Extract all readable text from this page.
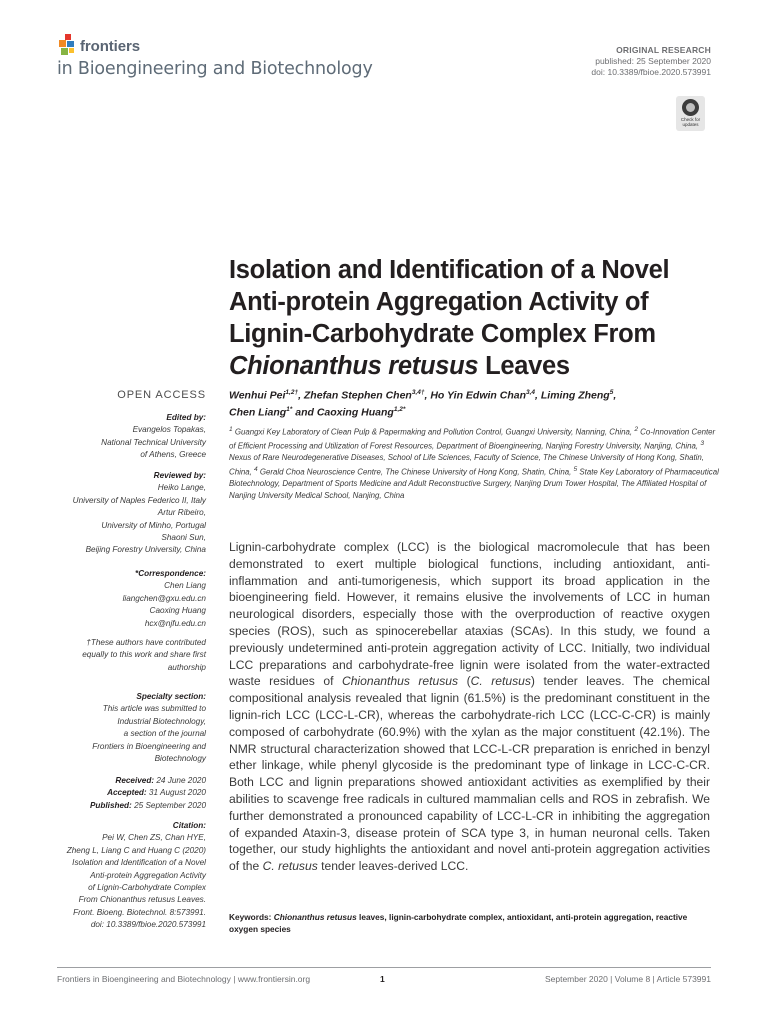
frontiers
in Bioengineering and Biotechnology
ORIGINAL RESEARCH
published: 25 September 2020
doi: 10.3389/fbioe.2020.573991
Check for updates
Isolation and Identification of a Novel
Anti-protein Aggregation Activity of
Lignin-Carbohydrate Complex From
Chionanthus retusus Leaves
OPEN ACCESS
Edited by:
Evangelos Topakas,
National Technical University
of Athens, Greece
Reviewed by:
Heiko Lange,
University of Naples Federico II, Italy
Artur Ribeiro,
University of Minho, Portugal
Shaoni Sun,
Beijing Forestry University, China
*Correspondence:
Chen Liang
liangchen@gxu.edu.cn
Caoxing Huang
hcx@njfu.edu.cn
†These authors have contributed
equally to this work and share first
authorship
Specialty section:
This article was submitted to
Industrial Biotechnology,
a section of the journal
Frontiers in Bioengineering and
Biotechnology
Received: 24 June 2020
Accepted: 31 August 2020
Published: 25 September 2020
Citation:
Pei W, Chen ZS, Chan HYE,
Zheng L, Liang C and Huang C (2020)
Isolation and Identification of a Novel
Anti-protein Aggregation Activity
of Lignin-Carbohydrate Complex
From Chionanthus retusus Leaves.
Front. Bioeng. Biotechnol. 8:573991.
doi: 10.3389/fbioe.2020.573991
Wenhui Pei$^{1,2\dagger}$, Zhefan Stephen Chen$^{3,4\dagger}$, Ho Yin Edwin Chan$^{3,4}$, Liming Zheng$^5$,
Chen Liang$^{1*}$ and Caoxing Huang$^{1,2*}$
$^1$ Guangxi Key Laboratory of Clean Pulp & Papermaking and Pollution Control, Guangxi University, Nanning, China, $^2$ Co-Innovation Center of Efficient Processing and Utilization of Forest Resources, Department of Bioengineering, Nanjing Forestry University, Nanjing, China, $^3$ Nexus of Rare Neurodegenerative Diseases, School of Life Sciences, Faculty of Science, The Chinese University of Hong Kong, Shatin, China, $^4$ Gerald Choa Neuroscience Centre, The Chinese University of Hong Kong, Shatin, China, $^5$ State Key Laboratory of Pharmaceutical Biotechnology, Department of Sports Medicine and Adult Reconstructive Surgery, Nanjing Drum Tower Hospital, The Affiliated Hospital of Nanjing University Medical School, Nanjing, China

Lignin-carbohydrate complex (LCC) is the biological macromolecule that has been demonstrated to exert multiple biological functions, including antioxidant, anti-inflammation and anti-tumorigenesis, which support its broad application in the bioengineering field. However, it remains elusive the involvements of LCC in human neurological disorders, especially those with the overproduction of reactive oxygen species (ROS), such as spinocerebellar ataxias (SCAs). In this study, we found a previously undetermined anti-protein aggregation activity of LCC. Initially, two individual LCC preparations and carbohydrate-free lignin were isolated from the water-extracted waste residues of Chionanthus retusus (C. retusus) tender leaves. The chemical compositional analysis revealed that lignin (61.5%) is the predominant constituent in the lignin-rich LCC (LCC-L-CR), whereas the carbohydrate-rich LCC (LCC-C-CR) is mainly composed of carbohydrate (60.9%) with the xylan as the major constituent (42.1%). The NMR structural characterization showed that LCC-L-CR preparation is enriched in benzyl ether linkage, while phenyl glycoside is the predominant type of linkage in LCC-C-CR. Both LCC and lignin preparations showed antioxidant activities as exemplified by their abilities to scavenge free radicals in cultured mammalian cells and ROS in zebrafish. We further demonstrated a pronounced capability of LCC-L-CR in inhibiting the aggregation of expanded Ataxin-3, disease protein of SCA type 3, in human neuronal cells. Taken together, our study highlights the antioxidant and novel anti-protein aggregation activities of the C. retusus tender leaves-derived LCC.

Keywords: Chionanthus retusus leaves, lignin-carbohydrate complex, antioxidant, anti-protein aggregation, reactive oxygen species
Frontiers in Bioengineering and Biotechnology | www.frontiersin.org	1	September 2020 | Volume 8 | Article 573991
